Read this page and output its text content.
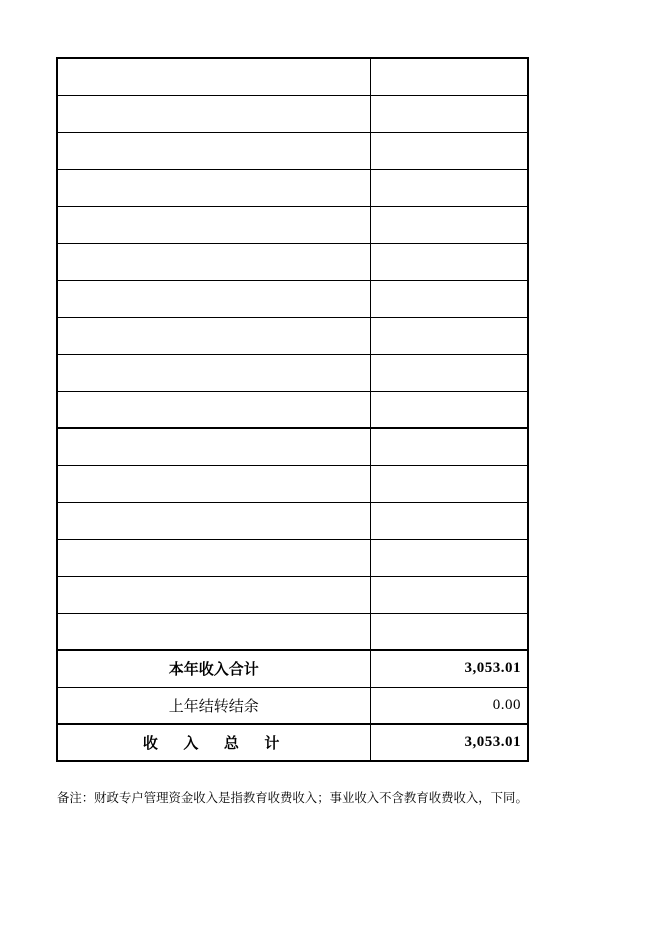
本年收入合计	3,053.01
上年结转结余	0.00
收　入　总　计	3,053.01
备注：财政专户管理资金收入是指教育收费收入；事业收入不含教育收费收入，下同。
